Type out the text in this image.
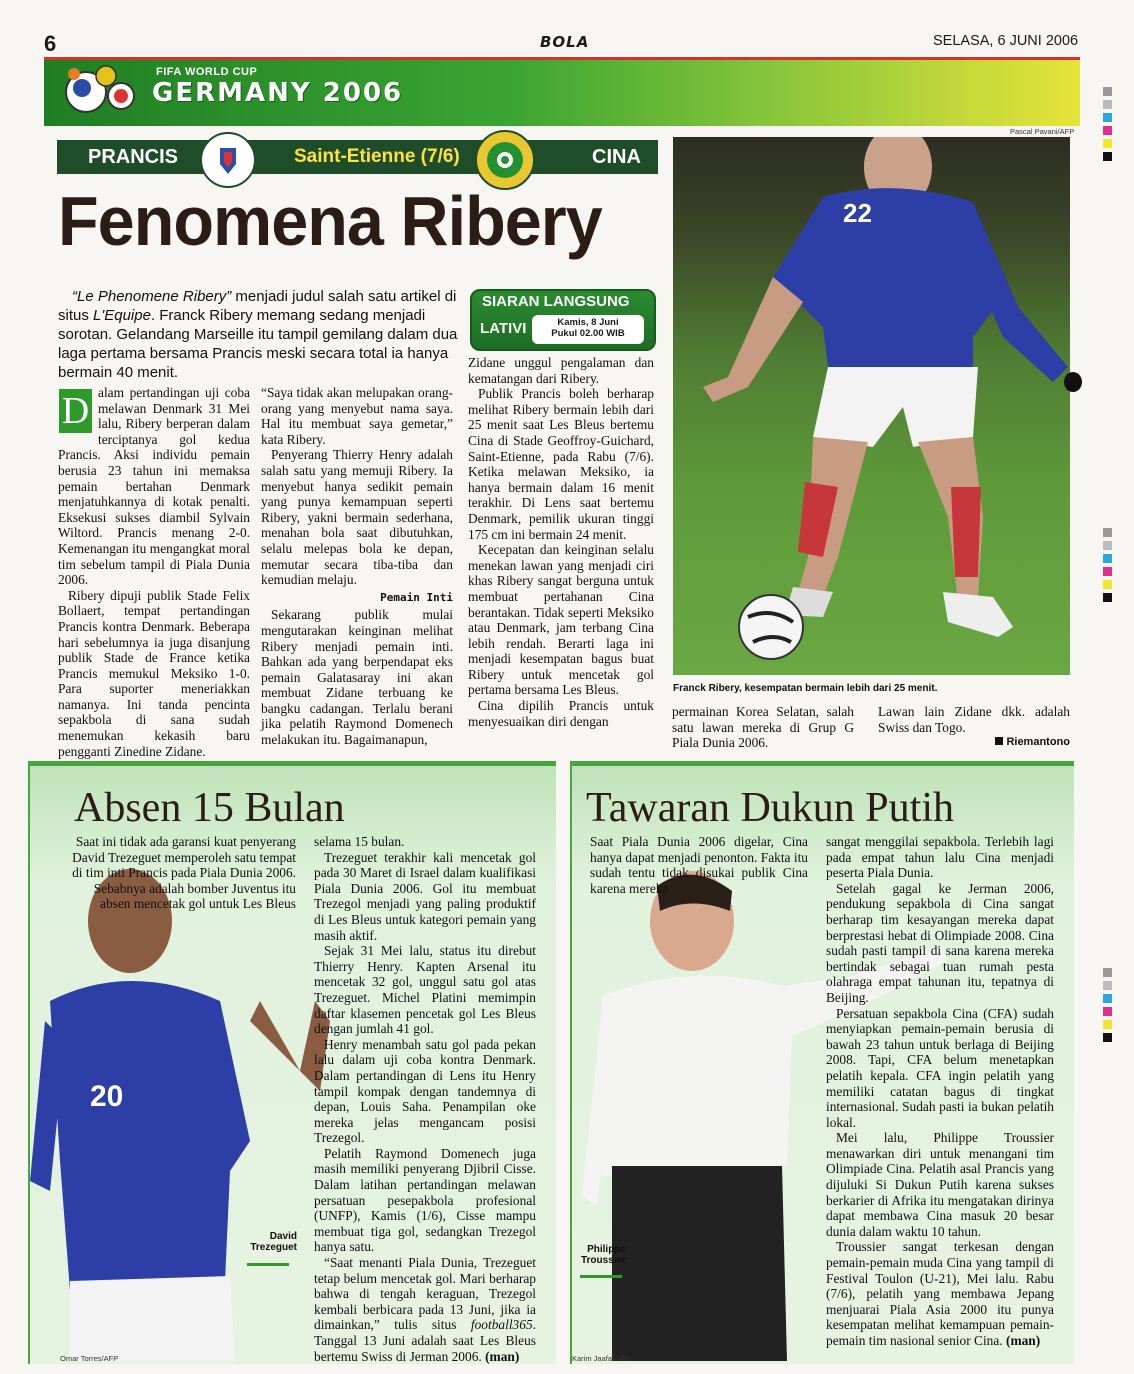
6	BOLA	SELASA, 6 JUNI 2006
FIFA WORLD CUP
GERMANY 2006
PRANCIS	Saint-Etienne (7/6)	CINA
Fenomena Ribery
“Le Phenomene Ribery” menjadi judul salah satu artikel di situs L'Equipe. Franck Ribery memang sedang menjadi sorotan. Gelandang Marseille itu tampil gemilang dalam dua laga pertama bersama Prancis meski secara total ia hanya bermain 40 menit.
SIARAN LANGSUNG
LATIVI	Kamis, 8 Juni
Pukul 02.00 WIB
D alam pertandingan uji coba melawan Denmark 31 Mei lalu, Ribery berperan dalam terciptanya gol kedua Prancis. Aksi individu pemain berusia 23 tahun ini memaksa pemain bertahan Denmark menjatuhkannya di kotak penalti. Eksekusi sukses diambil Sylvain Wiltord. Prancis menang 2-0. Kemenangan itu mengangkat moral tim sebelum tampil di Piala Dunia 2006.

Ribery dipuji publik Stade Felix Bollaert, tempat pertandingan Prancis kontra Denmark. Beberapa hari sebelumnya ia juga disanjung publik Stade de France ketika Prancis memukul Meksiko 1-0. Para suporter meneriakkan namanya. Ini tanda pencinta sepakbola di sana sudah menemukan kekasih baru pengganti Zinedine Zidane.

“Saya tidak akan melupakan orang-orang yang menyebut nama saya. Hal itu membuat saya gemetar,” kata Ribery.

Penyerang Thierry Henry adalah salah satu yang memuji Ribery. Ia menyebut hanya sedikit pemain yang punya kemampuan seperti Ribery, yakni bermain sederhana, menahan bola saat dibutuhkan, selalu melepas bola ke depan, memutar secara tiba-tiba dan kemudian melaju.

Pemain Inti

Sekarang publik mulai mengutarakan keinginan melihat Ribery menjadi pemain inti. Bahkan ada yang berpendapat eks pemain Galatasaray ini akan membuat Zidane terbuang ke bangku cadangan. Terlalu berani jika pelatih Raymond Domenech melakukan itu. Bagaimanapun,

Zidane unggul pengalaman dan kematangan dari Ribery.

Publik Prancis boleh berharap melihat Ribery bermain lebih dari 25 menit saat Les Bleus bertemu Cina di Stade Geoffroy-Guichard, Saint-Etienne, pada Rabu (7/6). Ketika melawan Meksiko, ia hanya bermain dalam 16 menit terakhir. Di Lens saat bertemu Denmark, pemilik ukuran tinggi 175 cm ini bermain 24 menit.

Kecepatan dan keinginan selalu menekan lawan yang menjadi ciri khas Ribery sangat berguna untuk membuat pertahanan Cina berantakan. Tidak seperti Meksiko atau Denmark, jam terbang Cina lebih rendah. Berarti laga ini menjadi kesempatan bagus buat Ribery untuk mencetak gol pertama bersama Les Bleus.

Cina dipilih Prancis untuk menyesuaikan diri dengan

Pascal Pavani/AFP
22
Franck Ribery, kesempatan bermain lebih dari 25 menit.

permainan Korea Selatan, salah satu lawan mereka di Grup G Piala Dunia 2006.

Lawan lain Zidane dkk. adalah Swiss dan Togo.

Riemantono
Absen 15 Bulan
20

Saat ini tidak ada garansi kuat penyerang David Trezeguet memperoleh satu tempat di tim inti Prancis pada Piala Dunia 2006. Sebabnya adalah bomber Juventus itu absen mencetak gol untuk Les Bleus

David Trezeguet

selama 15 bulan.

Trezeguet terakhir kali mencetak gol pada 30 Maret di Israel dalam kualifikasi Piala Dunia 2006. Gol itu membuat Trezegol menjadi yang paling produktif di Les Bleus untuk kategori pemain yang masih aktif.

Sejak 31 Mei lalu, status itu direbut Thierry Henry. Kapten Arsenal itu mencetak 32 gol, unggul satu gol atas Trezeguet. Michel Platini memimpin daftar klasemen pencetak gol Les Bleus dengan jumlah 41 gol.

Henry menambah satu gol pada pekan lalu dalam uji coba kontra Denmark. Dalam pertandingan di Lens itu Henry tampil kompak dengan tandemnya di depan, Louis Saha. Penampilan oke mereka jelas mengancam posisi Trezegol.

Pelatih Raymond Domenech juga masih memiliki penyerang Djibril Cisse. Dalam latihan pertandingan melawan persatuan pesepakbola profesional (UNFP), Kamis (1/6), Cisse mampu membuat tiga gol, sedangkan Trezegol hanya satu.

“Saat menanti Piala Dunia, Trezeguet tetap belum mencetak gol. Mari berharap bahwa di tengah keraguan, Trezegol kembali berbicara pada 13 Juni, jika ia dimainkan,” tulis situs football365. Tanggal 13 Juni adalah saat Les Bleus bertemu Swiss di Jerman 2006. (man)

Omar Torres/AFP
Tawaran Dukun Putih

Saat Piala Dunia 2006 digelar, Cina hanya dapat menjadi penonton. Fakta itu sudah tentu tidak disukai publik Cina karena mereka

Philippe Troussier

sangat menggilai sepakbola. Terlebih lagi pada empat tahun lalu Cina menjadi peserta Piala Dunia.

Setelah gagal ke Jerman 2006, pendukung sepakbola di Cina sangat berharap tim kesayangan mereka dapat berprestasi hebat di Olimpiade 2008. Cina sudah pasti tampil di sana karena mereka bertindak sebagai tuan rumah pesta olahraga empat tahunan itu, tepatnya di Beijing.

Persatuan sepakbola Cina (CFA) sudah menyiapkan pemain-pemain berusia di bawah 23 tahun untuk berlaga di Beijing 2008. Tapi, CFA belum menetapkan pelatih kepala. CFA ingin pelatih yang memiliki catatan bagus di tingkat internasional. Sudah pasti ia bukan pelatih lokal.

Mei lalu, Philippe Troussier menawarkan diri untuk menangani tim Olimpiade Cina. Pelatih asal Prancis yang dijuluki Si Dukun Putih karena sukses berkarier di Afrika itu mengatakan dirinya dapat membawa Cina masuk 20 besar dunia dalam waktu 10 tahun.

Troussier sangat terkesan dengan pemain-pemain muda Cina yang tampil di Festival Toulon (U-21), Mei lalu. Rabu (7/6), pelatih yang membawa Jepang menjuarai Piala Asia 2000 itu punya kesempatan melihat kemampuan pemain-pemain tim nasional senior Cina. (man)

Karim Jaafar/AFP
